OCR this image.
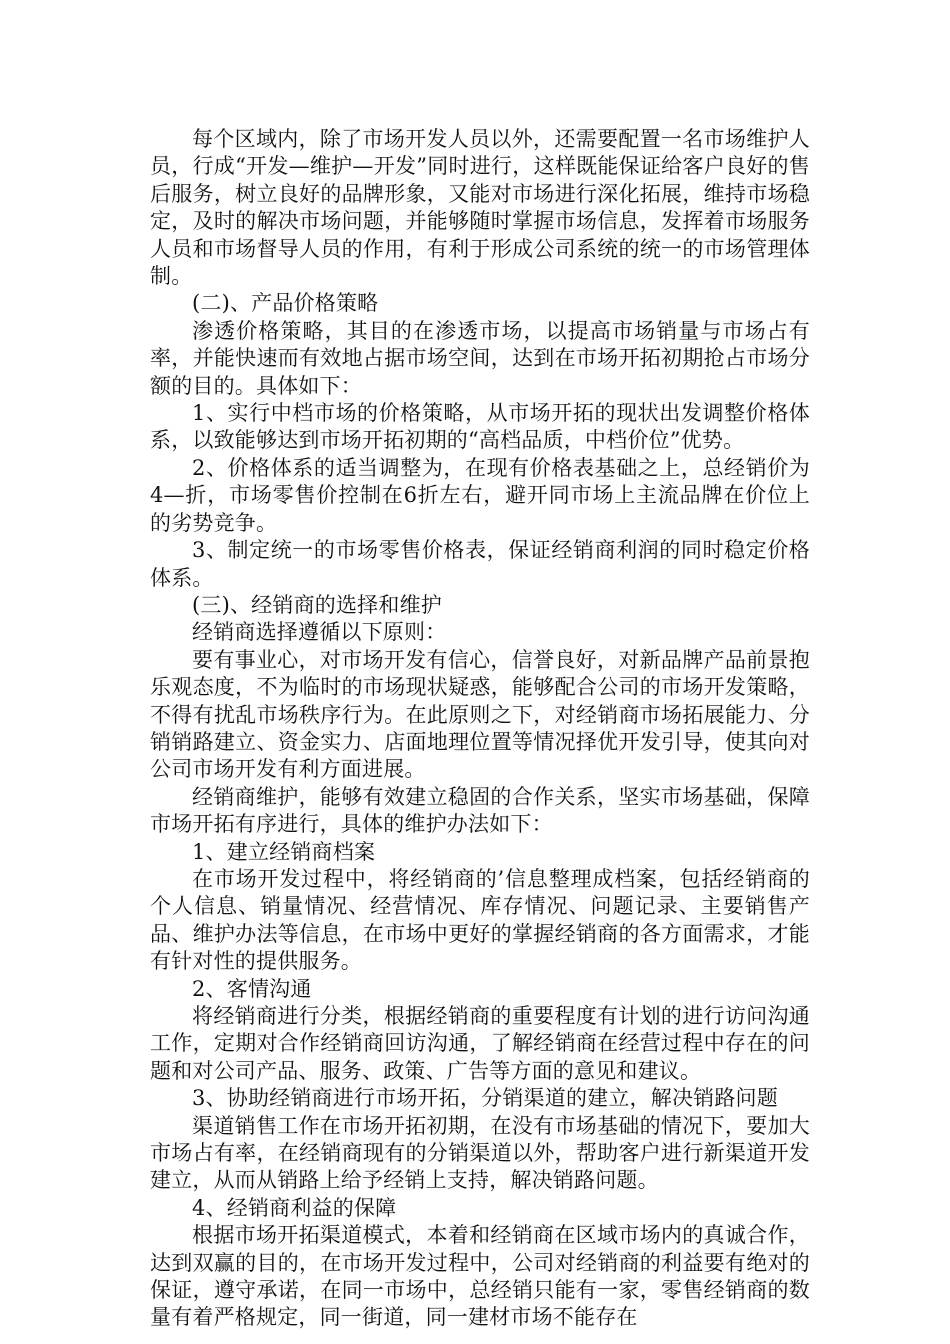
每个区域内，除了市场开发人员以外，还需要配置一名市场维护人员，行成“开发—维护—开发”同时进行，这样既能保证给客户良好的售后服务，树立良好的品牌形象，又能对市场进行深化拓展，维持市场稳定，及时的解决市场问题，并能够随时掌握市场信息，发挥着市场服务人员和市场督导人员的作用，有利于形成公司系统的统一的市场管理体制。

(二)、产品价格策略

渗透价格策略，其目的在渗透市场，以提高市场销量与市场占有率，并能快速而有效地占据市场空间，达到在市场开拓初期抢占市场分额的目的。具体如下：

1、实行中档市场的价格策略，从市场开拓的现状出发调整价格体系，以致能够达到市场开拓初期的“高档品质，中档价位”优势。

2、价格体系的适当调整为，在现有价格表基础之上，总经销价为4—折，市场零售价控制在6折左右，避开同市场上主流品牌在价位上的劣势竞争。

3、制定统一的市场零售价格表，保证经销商利润的同时稳定价格体系。

(三)、经销商的选择和维护

经销商选择遵循以下原则：

要有事业心，对市场开发有信心，信誉良好，对新品牌产品前景抱乐观态度，不为临时的市场现状疑惑，能够配合公司的市场开发策略，不得有扰乱市场秩序行为。在此原则之下，对经销商市场拓展能力、分销销路建立、资金实力、店面地理位置等情况择优开发引导，使其向对公司市场开发有利方面进展。

经销商维护，能够有效建立稳固的合作关系，坚实市场基础，保障市场开拓有序进行，具体的维护办法如下：

1、建立经销商档案

在市场开发过程中，将经销商的’信息整理成档案，包括经销商的个人信息、销量情况、经营情况、库存情况、问题记录、主要销售产品、维护办法等信息，在市场中更好的掌握经销商的各方面需求，才能有针对性的提供服务。

2、客情沟通

将经销商进行分类，根据经销商的重要程度有计划的进行访问沟通工作，定期对合作经销商回访沟通，了解经销商在经营过程中存在的问题和对公司产品、服务、政策、广告等方面的意见和建议。

3、协助经销商进行市场开拓，分销渠道的建立，解决销路问题

渠道销售工作在市场开拓初期，在没有市场基础的情况下，要加大市场占有率，在经销商现有的分销渠道以外，帮助客户进行新渠道开发建立，从而从销路上给予经销上支持，解决销路问题。

4、经销商利益的保障

根据市场开拓渠道模式，本着和经销商在区域市场内的真诚合作，达到双赢的目的，在市场开发过程中，公司对经销商的利益要有绝对的保证，遵守承诺，在同一市场中，总经销只能有一家，零售经销商的数量有着严格规定，同一街道，同一建材市场不能存在
